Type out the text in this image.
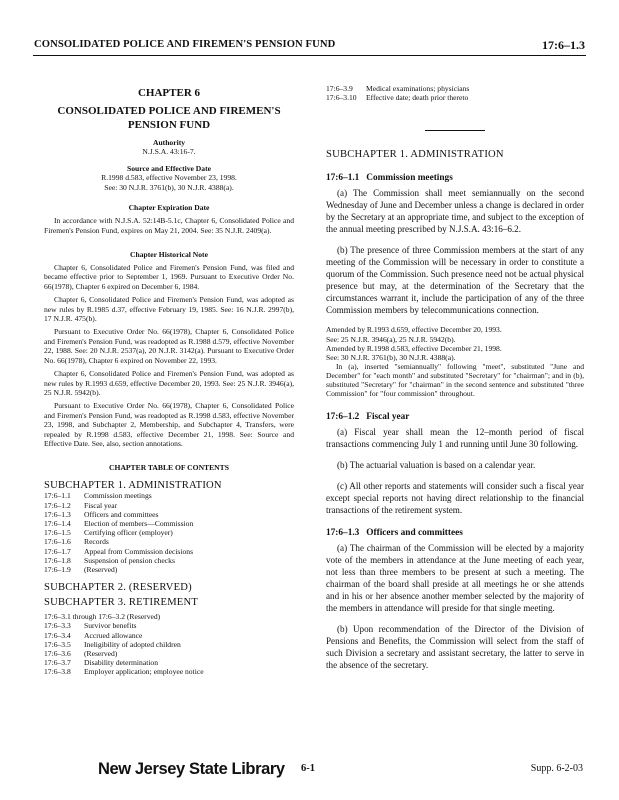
CONSOLIDATED POLICE AND FIREMEN'S PENSION FUND	17:6–1.3
CHAPTER 6
CONSOLIDATED POLICE AND FIREMEN'S PENSION FUND
Authority
N.J.S.A. 43:16-7.
Source and Effective Date
R.1998 d.583, effective November 23, 1998.
See: 30 N.J.R. 3761(b), 30 N.J.R. 4388(a).
Chapter Expiration Date
In accordance with N.J.S.A. 52:14B-5.1c, Chapter 6, Consolidated Police and Firemen's Pension Fund, expires on May 21, 2004. See: 35 N.J.R. 2409(a).
Chapter Historical Note
Chapter 6, Consolidated Police and Firemen's Pension Fund, was filed and became effective prior to September 1, 1969. Pursuant to Executive Order No. 66(1978), Chapter 6 expired on December 6, 1984.
Chapter 6, Consolidated Police and Firemen's Pension Fund, was adopted as new rules by R.1985 d.37, effective February 19, 1985. See: 16 N.J.R. 2997(b), 17 N.J.R. 475(b).
Pursuant to Executive Order No. 66(1978), Chapter 6, Consolidated Police and Firemen's Pension Fund, was readopted as R.1988 d.579, effective November 22, 1988. See: 20 N.J.R. 2537(a), 20 N.J.R. 3142(a). Pursuant to Executive Order No. 66(1978), Chapter 6 expired on November 22, 1993.
Chapter 6, Consolidated Police and Firemen's Pension Fund, was adopted as new rules by R.1993 d.659, effective December 20, 1993. See: 25 N.J.R. 3946(a), 25 N.J.R. 5942(b).
Pursuant to Executive Order No. 66(1978), Chapter 6, Consolidated Police and Firemen's Pension Fund, was readopted as R.1998 d.583, effective November 23, 1998, and Subchapter 2, Membership, and Subchapter 4, Transfers, were repealed by R.1998 d.583, effective December 21, 1998. See: Source and Effective Date. See, also, section annotations.
CHAPTER TABLE OF CONTENTS
SUBCHAPTER 1. ADMINISTRATION
17:6–1.1	Commission meetings
17:6–1.2	Fiscal year
17:6–1.3	Officers and committees
17:6–1.4	Election of members—Commission
17:6–1.5	Certifying officer (employer)
17:6–1.6	Records
17:6–1.7	Appeal from Commission decisions
17:6–1.8	Suspension of pension checks
17:6–1.9	(Reserved)
SUBCHAPTER 2. (RESERVED)
SUBCHAPTER 3. RETIREMENT
17:6–3.1 through 17:6–3.2 (Reserved)
17:6–3.3	Survivor benefits
17:6–3.4	Accrued allowance
17:6–3.5	Ineligibility of adopted children
17:6–3.6	(Reserved)
17:6–3.7	Disability determination
17:6–3.8	Employer application; employee notice
17:6–3.9	Medical examinations; physicians
17:6–3.10	Effective date; death prior thereto
SUBCHAPTER 1. ADMINISTRATION
17:6–1.1 Commission meetings
(a) The Commission shall meet semiannually on the second Wednesday of June and December unless a change is declared in order by the Secretary at an appropriate time, and subject to the exception of the annual meeting prescribed by N.J.S.A. 43:16–6.2.
(b) The presence of three Commission members at the start of any meeting of the Commission will be necessary in order to constitute a quorum of the Commission. Such presence need not be actual physical presence but may, at the determination of the Secretary that the circumstances warrant it, include the participation of any of the three Commission members by telecommunications connection.
Amended by R.1993 d.659, effective December 20, 1993.
See: 25 N.J.R. 3946(a), 25 N.J.R. 5942(b).
Amended by R.1998 d.583, effective December 21, 1998.
See: 30 N.J.R. 3761(b), 30 N.J.R. 4388(a).
In (a), inserted "semiannually" following "meet", substituted "June and December" for "each month" and substituted "Secretary" for "chairman"; and in (b), substituted "Secretary" for "chairman" in the second sentence and substituted "three Commission" for "four commission" throughout.
17:6–1.2 Fiscal year
(a) Fiscal year shall mean the 12–month period of fiscal transactions commencing July 1 and running until June 30 following.
(b) The actuarial valuation is based on a calendar year.
(c) All other reports and statements will consider such a fiscal year except special reports not having direct relationship to the financial transactions of the retirement system.
17:6–1.3 Officers and committees
(a) The chairman of the Commission will be elected by a majority vote of the members in attendance at the June meeting of each year, not less than three members to be present at such a meeting. The chairman of the board shall preside at all meetings he or she attends and in his or her absence another member selected by the majority of the members in attendance will preside for that single meeting.
(b) Upon recommendation of the Director of the Division of Pensions and Benefits, the Commission will select from the staff of such Division a secretary and assistant secretary, the latter to serve in the absence of the secretary.
New Jersey State Library 6-1	Supp. 6-2-03
